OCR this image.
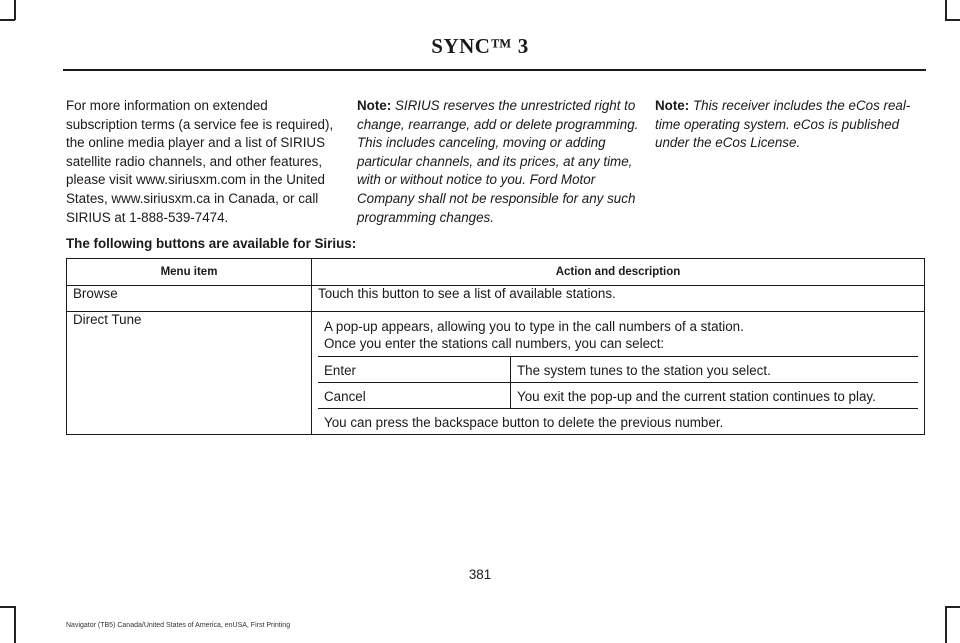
SYNC™ 3

For more information on extended subscription terms (a service fee is required), the online media player and a list of SIRIUS satellite radio channels, and other features, please visit www.siriusxm.com in the United States, www.siriusxm.ca in Canada, or call SIRIUS at 1-888-539-7474.

Note: SIRIUS reserves the unrestricted right to change, rearrange, add or delete programming. This includes canceling, moving or adding particular channels, and its prices, at any time, with or without notice to you. Ford Motor Company shall not be responsible for any such programming changes.

Note: This receiver includes the eCos real-time operating system. eCos is published under the eCos License.

The following buttons are available for Sirius:
Menu item	Action and description
Browse	Touch this button to see a list of available stations.
Direct Tune	A pop-up appears, allowing you to type in the call numbers of a station.
Once you enter the stations call numbers, you can select:
Enter	The system tunes to the station you select.
Cancel	You exit the pop-up and the current station continues to play.
You can press the backspace button to delete the previous number.
381
Navigator (TB5) Canada/United States of America, enUSA, First Printing
